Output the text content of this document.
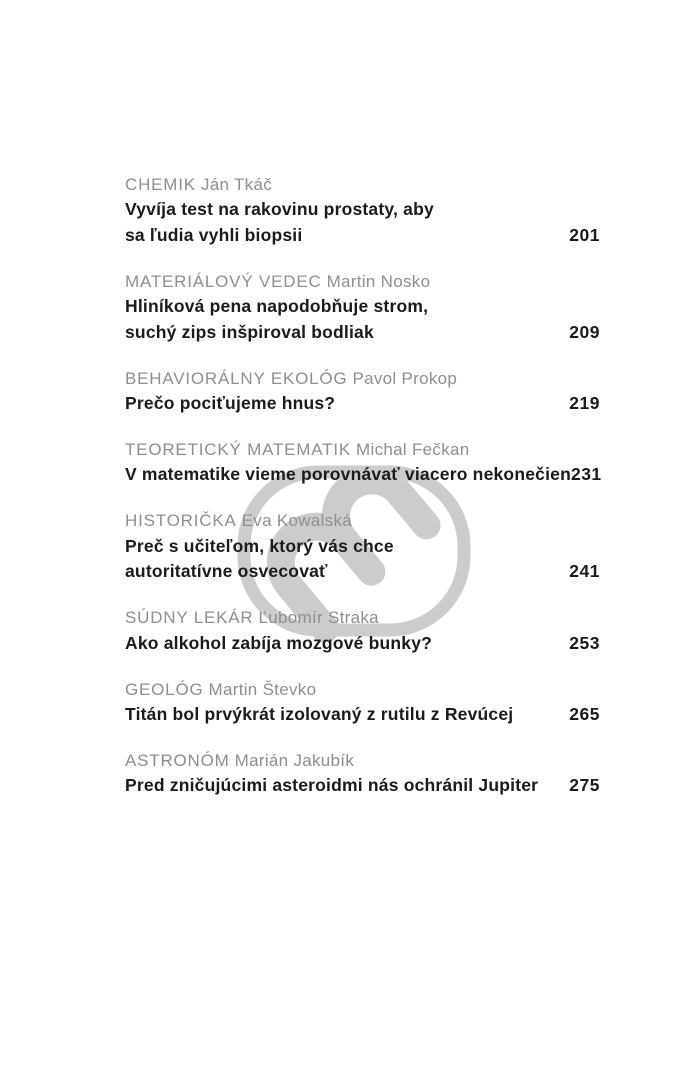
CHEMIK Ján Tkáč
Vyvíja test na rakovinu prostaty, aby
sa ľudia vyhli biopsii	201
MATERIÁLOVÝ VEDEC Martin Nosko
Hliníková pena napodobňuje strom,
suchý zips inšpiroval bodliak	209
BEHAVIORÁLNY EKOLÓG Pavol Prokop
Prečo pociťujeme hnus?	219
TEORETICKÝ MATEMATIK Michal Fečkan
V matematike vieme porovnávať viacero nekonečien 231
HISTORIČKA Eva Kowalská
Preč s učiteľom, ktorý vás chce
autoritatívne osvecovať	241
SÚDNY LEKÁR Ľubomír Straka
Ako alkohol zabíja mozgové bunky?	253
GEOLÓG Martin Števko
Titán bol prvýkrát izolovaný z rutilu z Revúcej	265
ASTRONÓM Marián Jakubík
Pred zničujúcimi asteroidmi nás ochránil Jupiter 275
